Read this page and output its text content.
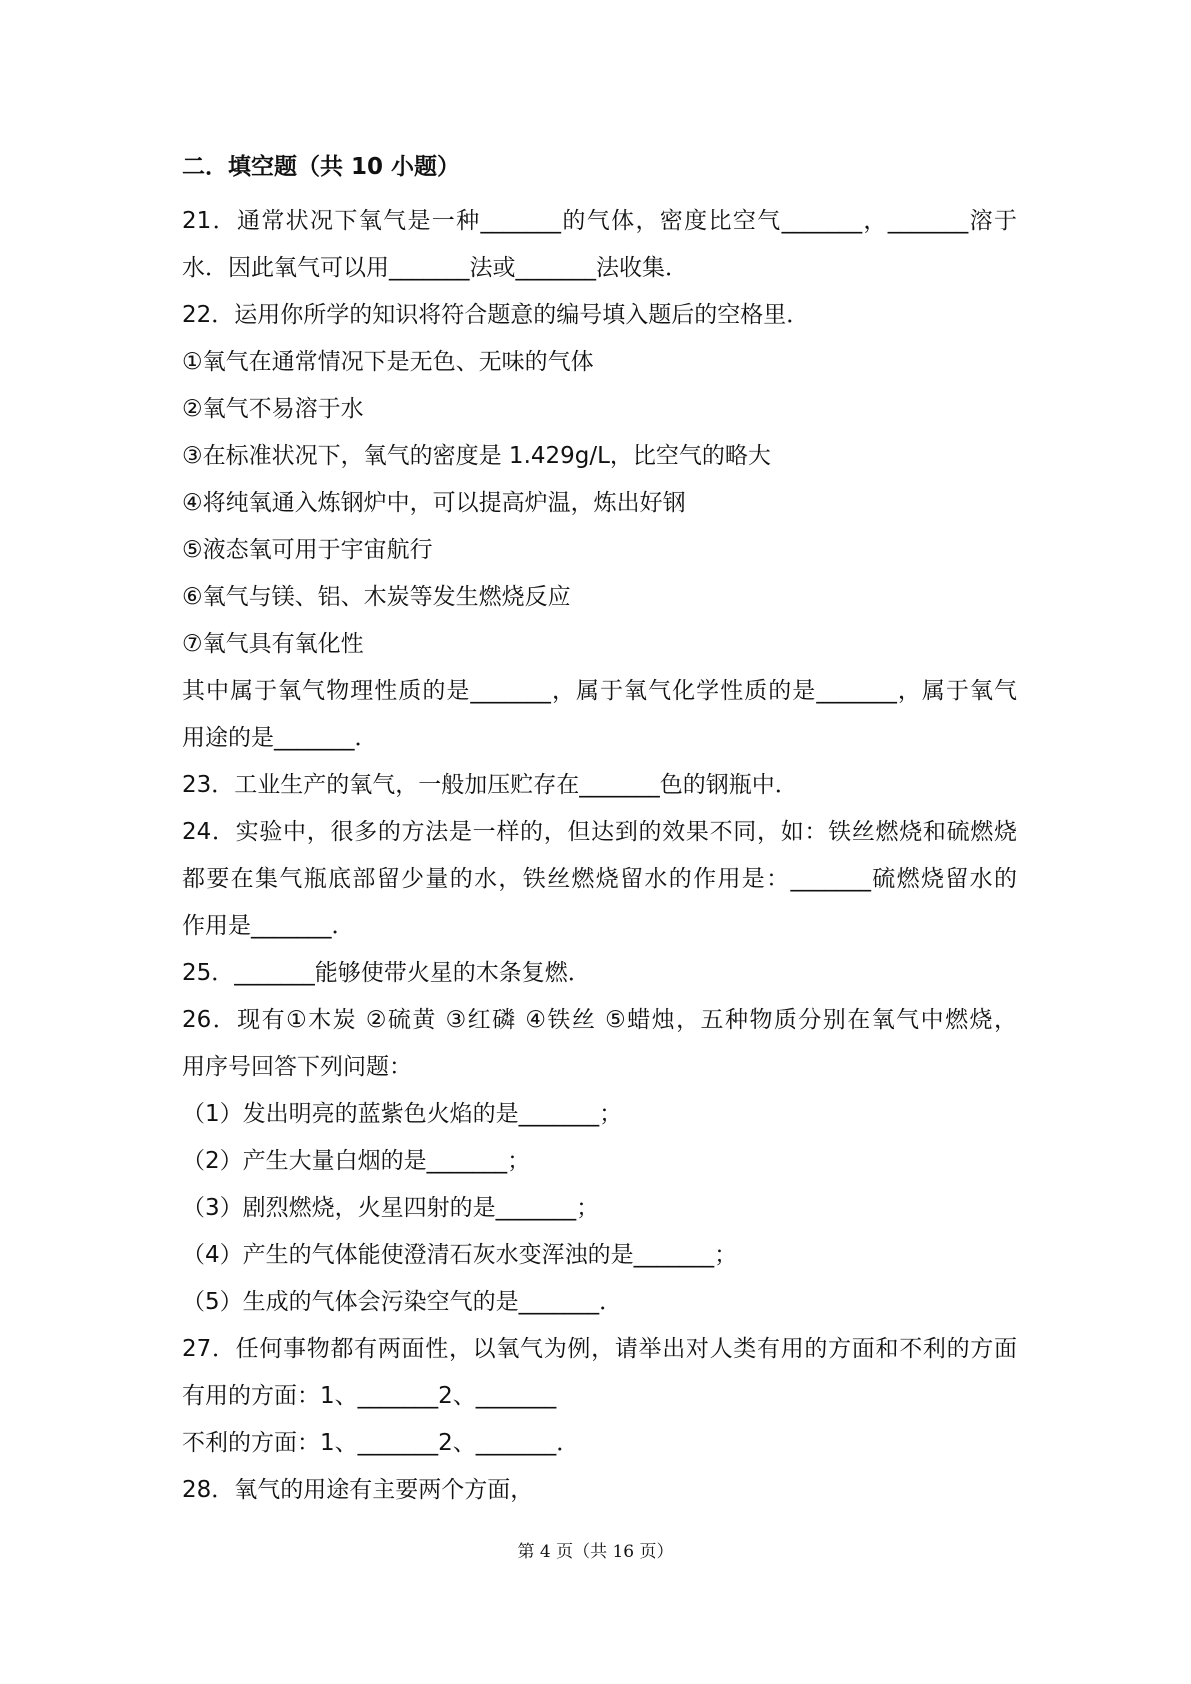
二．填空题（共 10 小题）
21．通常状况下氧气是一种_______的气体，密度比空气_______，_______溶于
水．因此氧气可以用_______法或_______法收集．
22．运用你所学的知识将符合题意的编号填入题后的空格里．
①氧气在通常情况下是无色、无味的气体
②氧气不易溶于水
③在标准状况下，氧气的密度是 1.429g/L，比空气的略大
④将纯氧通入炼钢炉中，可以提高炉温，炼出好钢
⑤液态氧可用于宇宙航行
⑥氧气与镁、铝、木炭等发生燃烧反应
⑦氧气具有氧化性
其中属于氧气物理性质的是_______，属于氧气化学性质的是_______，属于氧气
用途的是_______．
23．工业生产的氧气，一般加压贮存在_______色的钢瓶中．
24．实验中，很多的方法是一样的，但达到的效果不同，如：铁丝燃烧和硫燃烧
都要在集气瓶底部留少量的水，铁丝燃烧留水的作用是：_______硫燃烧留水的
作用是_______．
25．_______能够使带火星的木条复燃．
26．现有①木炭 ②硫黄 ③红磷 ④铁丝 ⑤蜡烛，五种物质分别在氧气中燃烧，
用序号回答下列问题：
（1）发出明亮的蓝紫色火焰的是_______；
（2）产生大量白烟的是_______；
（3）剧烈燃烧，火星四射的是_______；
（4）产生的气体能使澄清石灰水变浑浊的是_______；
（5）生成的气体会污染空气的是_______．
27．任何事物都有两面性，以氧气为例，请举出对人类有用的方面和不利的方面
有用的方面：1、_______2、_______
不利的方面：1、_______2、_______．
28．氧气的用途有主要两个方面，
第 4 页（共 16 页）
